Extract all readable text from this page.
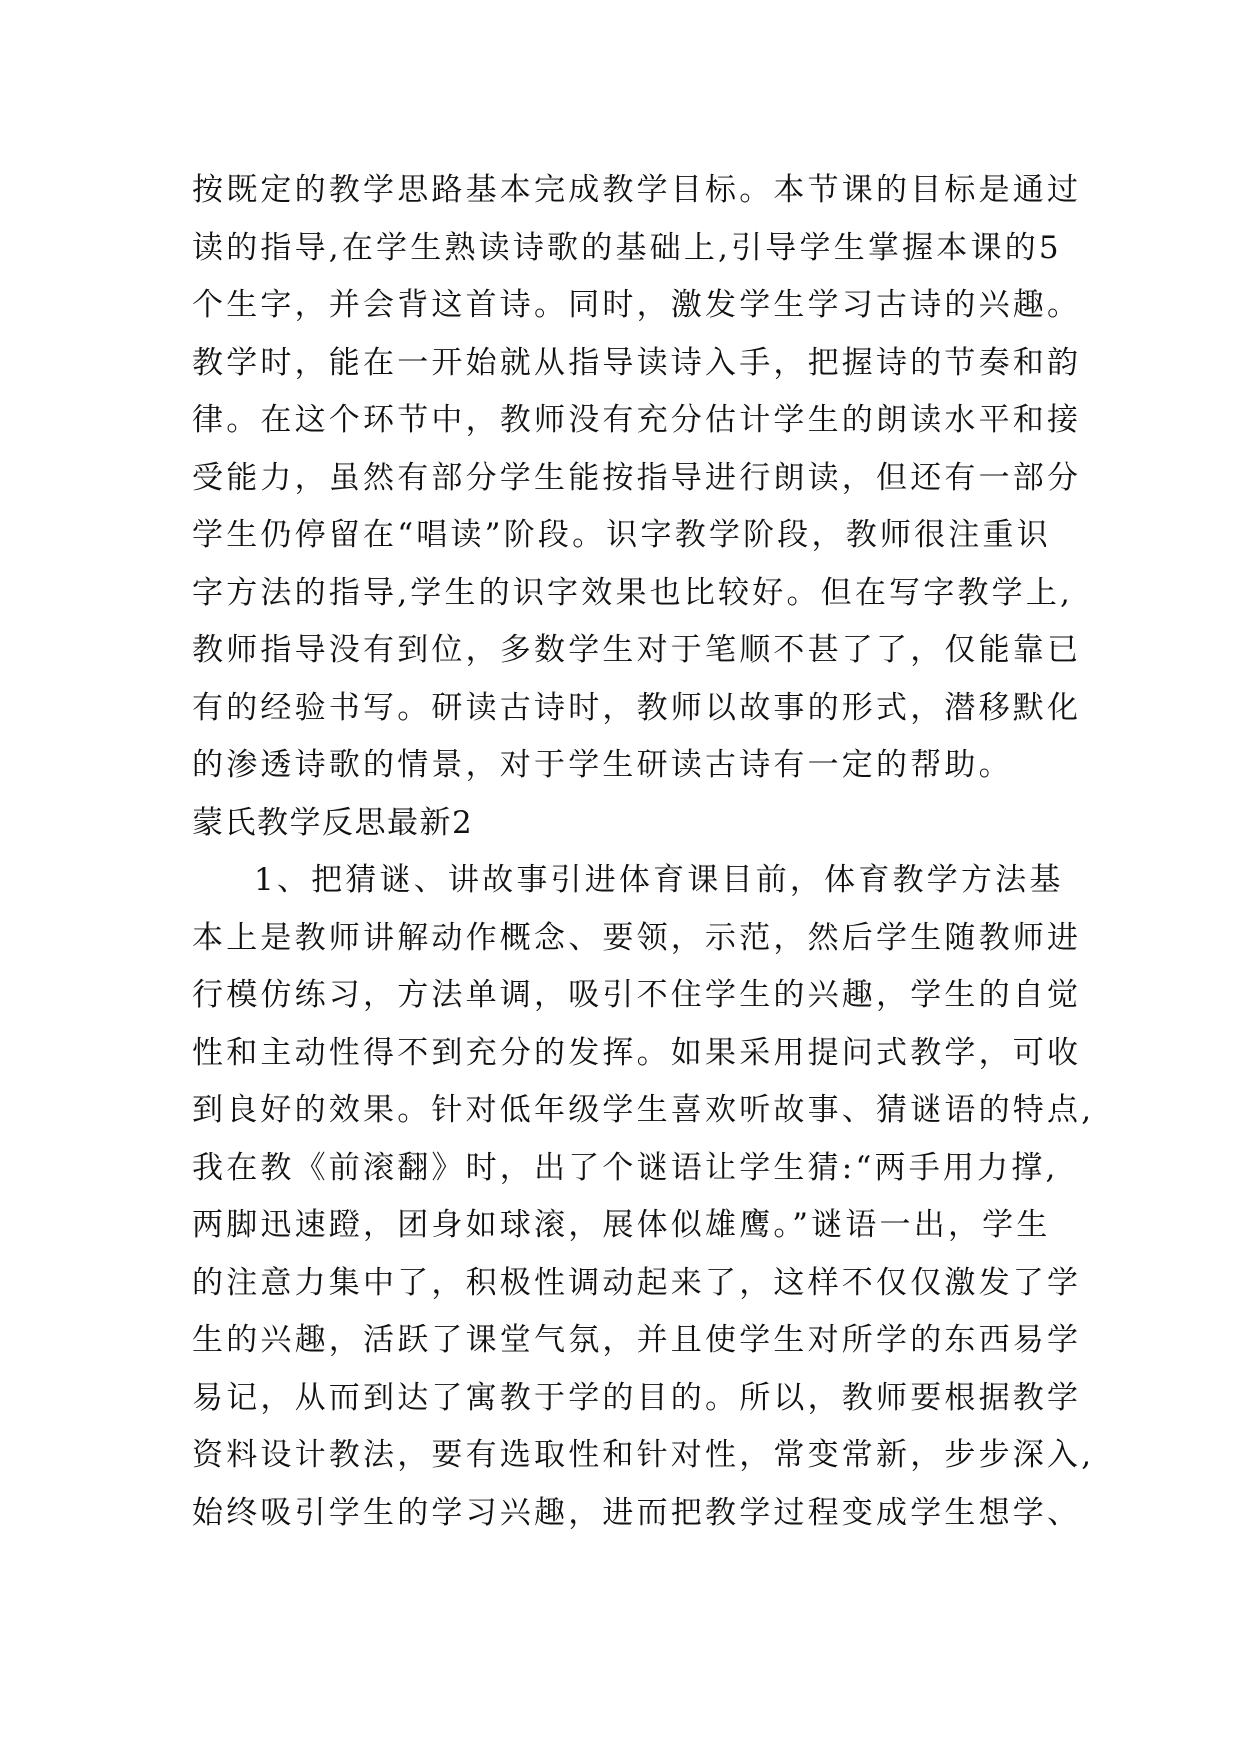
按既定的教学思路基本完成教学目标。本节课的目标是通过
读的指导,在学生熟读诗歌的基础上,引导学生掌握本课的5
个生字，并会背这首诗。同时，激发学生学习古诗的兴趣。
教学时，能在一开始就从指导读诗入手，把握诗的节奏和韵
律。在这个环节中，教师没有充分估计学生的朗读水平和接
受能力，虽然有部分学生能按指导进行朗读，但还有一部分
学生仍停留在“唱读”阶段。识字教学阶段，教师很注重识
字方法的指导,学生的识字效果也比较好。但在写字教学上,
教师指导没有到位，多数学生对于笔顺不甚了了，仅能靠已
有的经验书写。研读古诗时，教师以故事的形式，潜移默化
的渗透诗歌的情景，对于学生研读古诗有一定的帮助。
蒙氏教学反思最新2
1、把猜谜、讲故事引进体育课目前，体育教学方法基
本上是教师讲解动作概念、要领，示范，然后学生随教师进
行模仿练习，方法单调，吸引不住学生的兴趣，学生的自觉
性和主动性得不到充分的发挥。如果采用提问式教学，可收
到良好的效果。针对低年级学生喜欢听故事、猜谜语的特点,
我在教《前滚翻》时，出了个谜语让学生猜:“两手用力撑,
两脚迅速蹬，团身如球滚，展体似雄鹰。”谜语一出，学生
的注意力集中了，积极性调动起来了，这样不仅仅激发了学
生的兴趣，活跃了课堂气氛，并且使学生对所学的东西易学
易记，从而到达了寓教于学的目的。所以，教师要根据教学
资料设计教法，要有选取性和针对性，常变常新，步步深入,
始终吸引学生的学习兴趣，进而把教学过程变成学生想学、
